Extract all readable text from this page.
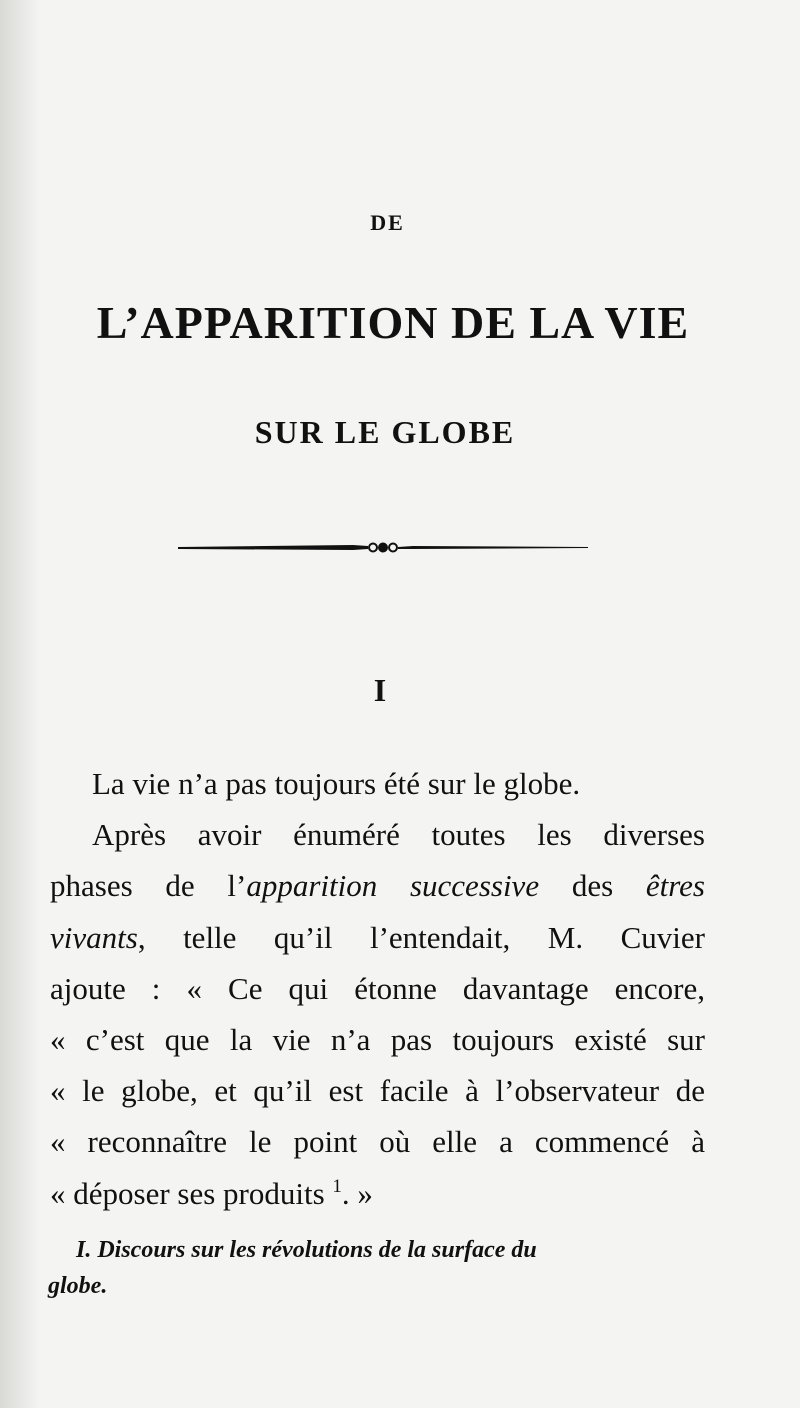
DE
L’APPARITION DE LA VIE
SUR LE GLOBE
I
La vie n’a pas toujours été sur le globe.
Après avoir énuméré toutes les diverses
phases de l’apparition successive des êtres
vivants, telle qu’il l’entendait, M. Cuvier
ajoute : « Ce qui étonne davantage encore,
« c’est que la vie n’a pas toujours existé sur
« le globe, et qu’il est facile à l’observateur de
« reconnaître le point où elle a commencé à
« déposer ses produits $^1$. »
I. Discours sur les révolutions de la surface du
globe.
